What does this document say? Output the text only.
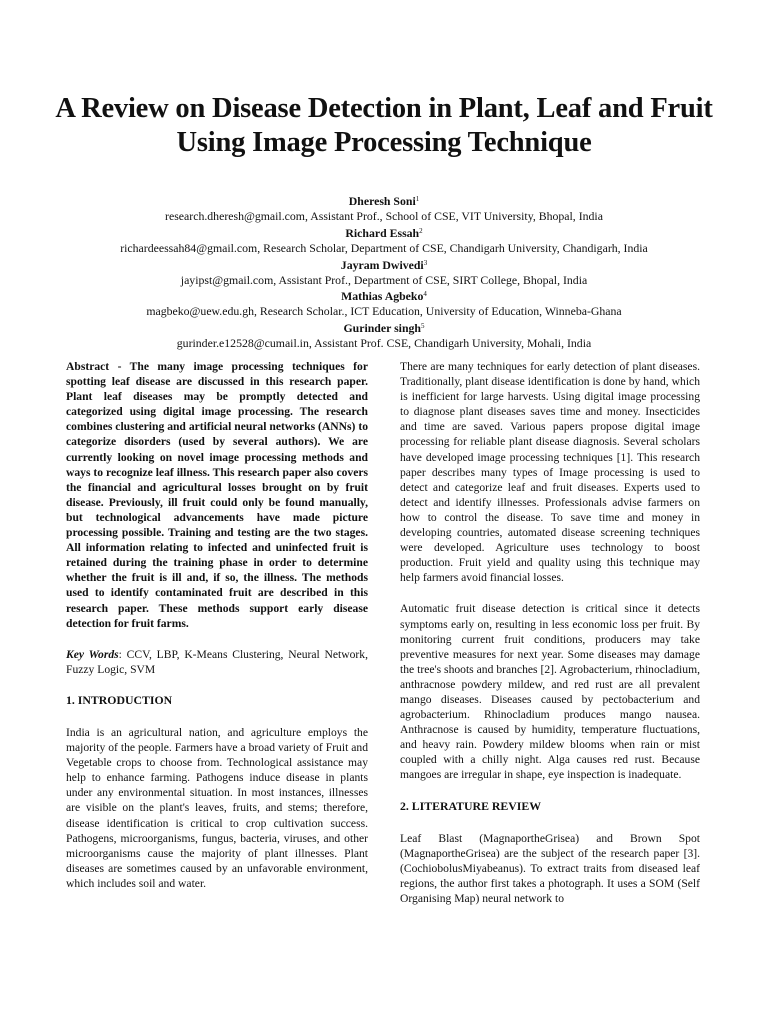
A Review on Disease Detection in Plant, Leaf and Fruit Using Image Processing Technique
Dheresh Soni$^1$
research.dheresh@gmail.com, Assistant Prof., School of CSE, VIT University, Bhopal, India
Richard Essah$^2$
richardeessah84@gmail.com, Research Scholar, Department of CSE, Chandigarh University, Chandigarh, India
Jayram Dwivedi$^3$
jayipst@gmail.com, Assistant Prof., Department of CSE, SIRT College, Bhopal, India
Mathias Agbeko$^4$
magbeko@uew.edu.gh, Research Scholar., ICT Education, University of Education, Winneba-Ghana
Gurinder singh$^5$
gurinder.e12528@cumail.in, Assistant Prof. CSE, Chandigarh University, Mohali, India

Abstract - The many image processing techniques for spotting leaf disease are discussed in this research paper. Plant leaf diseases may be promptly detected and categorized using digital image processing. The research combines clustering and artificial neural networks (ANNs) to categorize disorders (used by several authors). We are currently looking on novel image processing methods and ways to recognize leaf illness. This research paper also covers the financial and agricultural losses brought on by fruit disease. Previously, ill fruit could only be found manually, but technological advancements have made picture processing possible. Training and testing are the two stages. All information relating to infected and uninfected fruit is retained during the training phase in order to determine whether the fruit is ill and, if so, the illness. The methods used to identify contaminated fruit are described in this research paper. These methods support early disease detection for fruit farms.

Key Words: CCV, LBP, K-Means Clustering, Neural Network, Fuzzy Logic, SVM

1. INTRODUCTION

India is an agricultural nation, and agriculture employs the majority of the people. Farmers have a broad variety of Fruit and Vegetable crops to choose from. Technological assistance may help to enhance farming. Pathogens induce disease in plants under any environmental situation. In most instances, illnesses are visible on the plant's leaves, fruits, and stems; therefore, disease identification is critical to crop cultivation success. Pathogens, microorganisms, fungus, bacteria, viruses, and other microorganisms cause the majority of plant illnesses. Plant diseases are sometimes caused by an unfavorable environment, which includes soil and water.

There are many techniques for early detection of plant diseases. Traditionally, plant disease identification is done by hand, which is inefficient for large harvests. Using digital image processing to diagnose plant diseases saves time and money. Insecticides and time are saved. Various papers propose digital image processing for reliable plant disease diagnosis. Several scholars have developed image processing techniques [1]. This research paper describes many types of Image processing is used to detect and categorize leaf and fruit diseases. Experts used to detect and identify illnesses. Professionals advise farmers on how to control the disease. To save time and money in developing countries, automated disease screening techniques were developed. Agriculture uses technology to boost production. Fruit yield and quality using this technique may help farmers avoid financial losses.

Automatic fruit disease detection is critical since it detects symptoms early on, resulting in less economic loss per fruit. By monitoring current fruit conditions, producers may take preventive measures for next year. Some diseases may damage the tree's shoots and branches [2]. Agrobacterium, rhinocladium, anthracnose powdery mildew, and red rust are all prevalent mango diseases. Diseases caused by pectobacterium and agrobacterium. Rhinocladium produces mango nausea. Anthracnose is caused by humidity, temperature fluctuations, and heavy rain. Powdery mildew blooms when rain or mist coupled with a chilly night. Alga causes red rust. Because mangoes are irregular in shape, eye inspection is inadequate.

2. LITERATURE REVIEW

Leaf Blast (MagnaportheGrisea) and Brown Spot (MagnaportheGrisea) are the subject of the research paper [3]. (CochiobolusMiyabeanus). To extract traits from diseased leaf regions, the author first takes a photograph. It uses a SOM (Self Organising Map) neural network to
